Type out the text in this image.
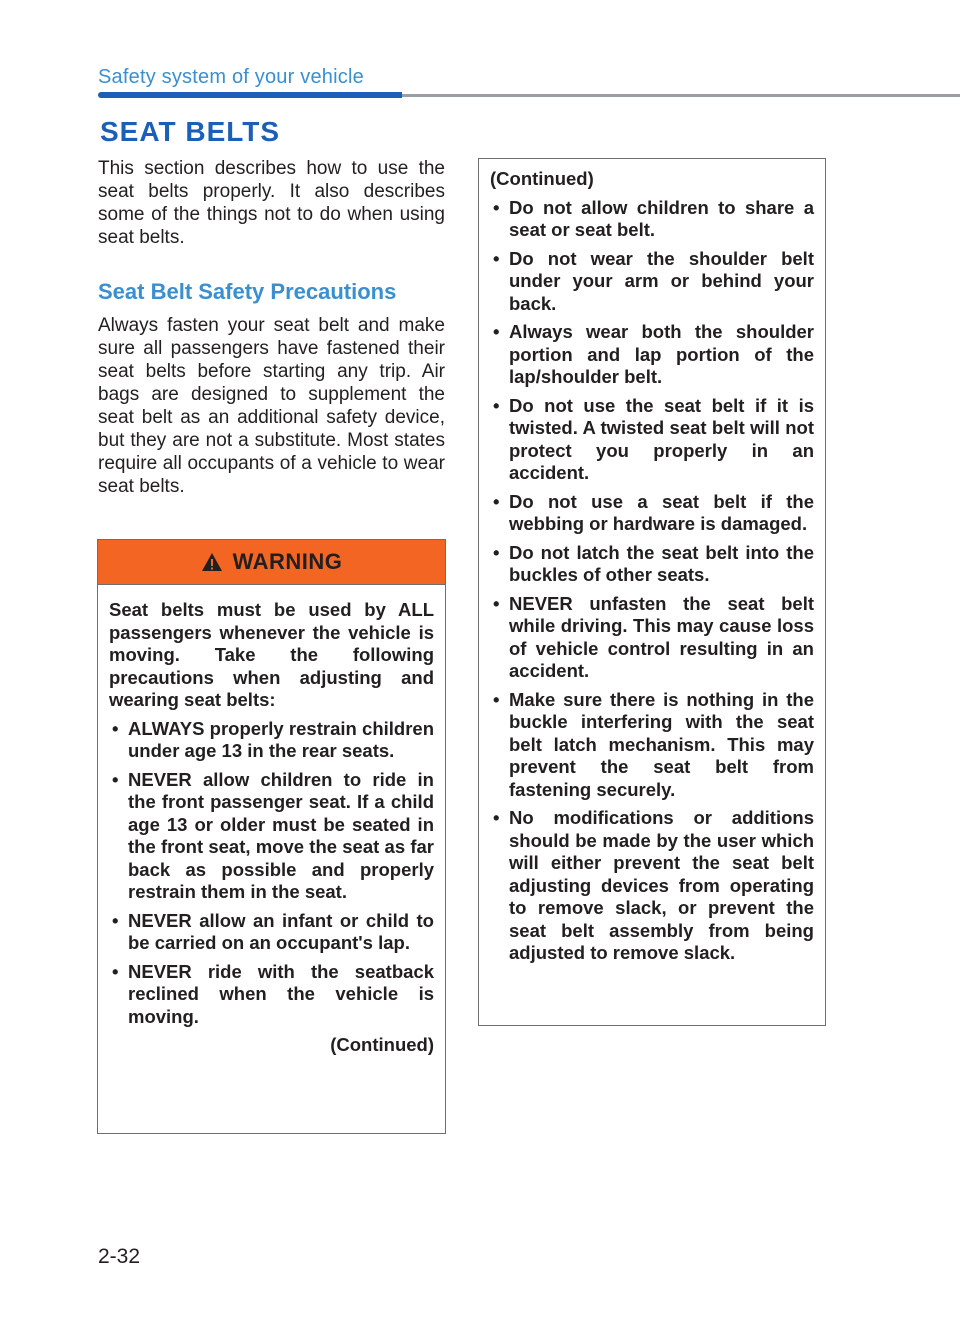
Safety system of your vehicle
SEAT BELTS

This section describes how to use the seat belts properly. It also describes some of the things not to do when using seat belts.

Seat Belt Safety Precautions

Always fasten your seat belt and make sure all passengers have fastened their seat belts before starting any trip. Air bags are designed to supplement the seat belt as an additional safety device, but they are not a substitute. Most states require all occupants of a vehicle to wear seat belts.

WARNING

Seat belts must be used by ALL passengers whenever the vehicle is moving. Take the following precautions when adjusting and wearing seat belts:

• ALWAYS properly restrain children under age 13 in the rear seats.
• NEVER allow children to ride in the front passenger seat. If a child age 13 or older must be seated in the front seat, move the seat as far back as possible and properly restrain them in the seat.
• NEVER allow an infant or child to be carried on an occupant's lap.
• NEVER ride with the seatback reclined when the vehicle is moving.
(Continued)

(Continued)

• Do not allow children to share a seat or seat belt.
• Do not wear the shoulder belt under your arm or behind your back.
• Always wear both the shoulder portion and lap portion of the lap/shoulder belt.
• Do not use the seat belt if it is twisted. A twisted seat belt will not protect you properly in an accident.
• Do not use a seat belt if the webbing or hardware is damaged.
• Do not latch the seat belt into the buckles of other seats.
• NEVER unfasten the seat belt while driving. This may cause loss of vehicle control resulting in an accident.
• Make sure there is nothing in the buckle interfering with the seat belt latch mechanism. This may prevent the seat belt from fastening securely.
• No modifications or additions should be made by the user which will either prevent the seat belt adjusting devices from operating to remove slack, or prevent the seat belt assembly from being adjusted to remove slack.
2-32
